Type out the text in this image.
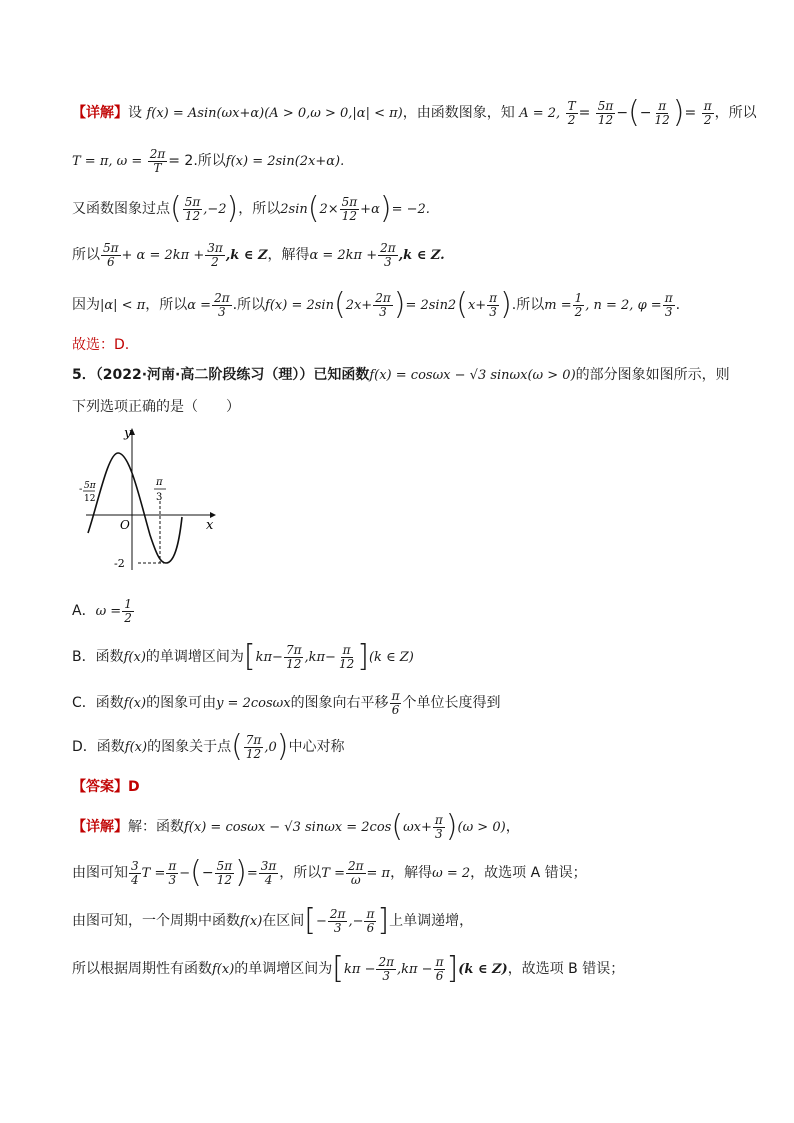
【详解】设 f(x) = Asin(ωx+α)(A > 0,ω > 0,|α| < π)，由函数图象，知 A = 2, $\frac{T}{2} = \frac{5\pi}{12}$ −(− $\frac{\pi}{12}$ )= $\frac{\pi}{2}$ ，所以
T = π, $\omega = \frac{2\pi}{T} = 2$.所以f(x) = 2sin(2x+α).
又函数图象过点( $\frac{5\pi}{12} ,-2$)，所以$2\sin(2\times \frac{5\pi}{12} +\alpha)= -2$.
所以 $\frac{5\pi}{6} + \alpha = 2k\pi + \frac{3\pi}{2} ,k$ ∈ Z，解得$\alpha = 2k\pi + \frac{2\pi}{3} ,k$ ∈ Z.
因为|α| < π，所以$\alpha = \frac{2\pi}{3}$ .所以$f(x) = 2\sin(2x+ \frac{2\pi}{3}$ )= $2\sin 2(x+ \frac{\pi}{3}$ ).所以$m = \frac{1}{2}$ , n = 2, $\varphi = \frac{\pi}{3}$ .
故选：D.
5．（2022·河南·高二阶段练习（理））已知函数f(x) = cosωx − √3 sinωx(ω > 0)的部分图象如图所示，则
下列选项正确的是（　　）
y
x
O
- 5π
12
π
3
-2
A．$\omega = \frac{1}{2}$
B．函数f(x)的单调增区间为$[k\pi- \frac{7\pi}{12} ,k\pi- \frac{\pi}{12} ](k$ ∈ Z)
C．函数f(x)的图象可由y = 2cosωx的图象向右平移 $\frac{\pi}{6}$ 个单位长度得到
D．函数f(x)的图象关于点( $\frac{7\pi}{12} ,0$)中心对称
【答案】D
【详解】解：函数f(x) = cosωx − √3 $\sin\omega x = 2\cos(\omega x+ \frac{\pi}{3} )(\omega > 0)$，
由图可知 $\frac{3}{4}$ $T = \frac{\pi}{3}$ −(− $\frac{5\pi}{12}$ )= $\frac{3\pi}{4}$ ，所以$T = \frac{2\pi}{\omega} = \pi$，解得ω = 2，故选项 A 错误；
由图可知，一个周期中函数f(x)在区间[− $\frac{2\pi}{3}$ ,− $\frac{\pi}{6}$ ]上单调递增，
所以根据周期性有函数f(x)的单调增区间为$[k\pi - \frac{2\pi}{3} ,k\pi - \frac{\pi}{6} ](k$ ∈ Z)，故选项 B 错误；
